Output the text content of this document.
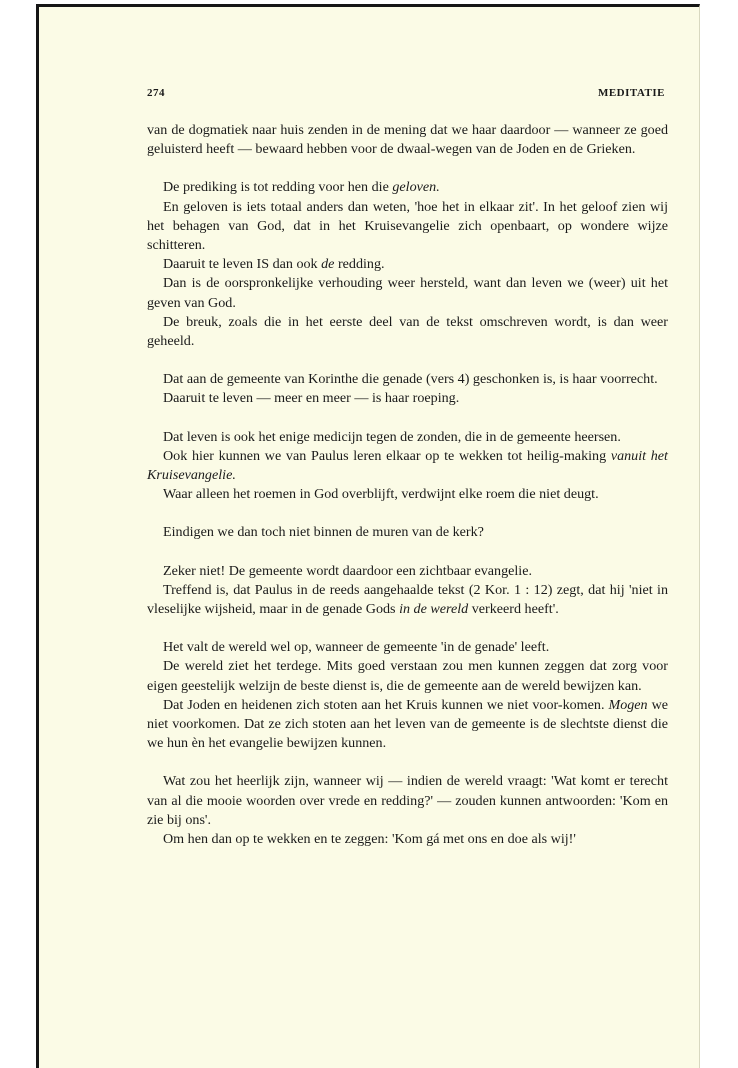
274	MEDITATIE

van de dogmatiek naar huis zenden in de mening dat we haar daardoor — wanneer ze goed geluisterd heeft — bewaard hebben voor de dwaal-wegen van de Joden en de Grieken.

De prediking is tot redding voor hen die geloven.

En geloven is iets totaal anders dan weten, 'hoe het in elkaar zit'. In het geloof zien wij het behagen van God, dat in het Kruisevangelie zich openbaart, op wondere wijze schitteren.

Daaruit te leven IS dan ook de redding.

Dan is de oorspronkelijke verhouding weer hersteld, want dan leven we (weer) uit het geven van God.

De breuk, zoals die in het eerste deel van de tekst omschreven wordt, is dan weer geheeld.

Dat aan de gemeente van Korinthe die genade (vers 4) geschonken is, is haar voorrecht.

Daaruit te leven — meer en meer — is haar roeping.

Dat leven is ook het enige medicijn tegen de zonden, die in de gemeente heersen.

Ook hier kunnen we van Paulus leren elkaar op te wekken tot heilig-making vanuit het Kruisevangelie.

Waar alleen het roemen in God overblijft, verdwijnt elke roem die niet deugt.

Eindigen we dan toch niet binnen de muren van de kerk?

Zeker niet! De gemeente wordt daardoor een zichtbaar evangelie.

Treffend is, dat Paulus in de reeds aangehaalde tekst (2 Kor. 1 : 12) zegt, dat hij 'niet in vleselijke wijsheid, maar in de genade Gods in de wereld verkeerd heeft'.

Het valt de wereld wel op, wanneer de gemeente 'in de genade' leeft.

De wereld ziet het terdege. Mits goed verstaan zou men kunnen zeggen dat zorg voor eigen geestelijk welzijn de beste dienst is, die de gemeente aan de wereld bewijzen kan.

Dat Joden en heidenen zich stoten aan het Kruis kunnen we niet voor-komen. Mogen we niet voorkomen. Dat ze zich stoten aan het leven van de gemeente is de slechtste dienst die we hun èn het evangelie bewijzen kunnen.

Wat zou het heerlijk zijn, wanneer wij — indien de wereld vraagt: 'Wat komt er terecht van al die mooie woorden over vrede en redding?' — zouden kunnen antwoorden: 'Kom en zie bij ons'.

Om hen dan op te wekken en te zeggen: 'Kom gá met ons en doe als wij!'
